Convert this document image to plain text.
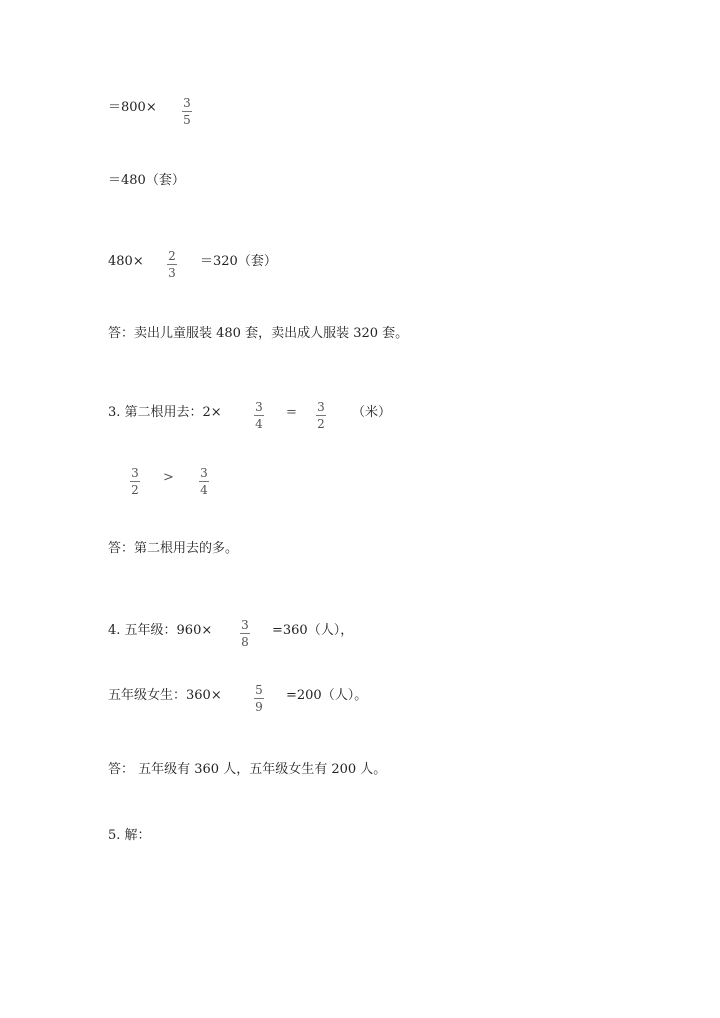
＝800× 3
5
＝480（套）
480× 2
3
＝320（套）
答：卖出儿童服装 480 套，卖出成人服装 320 套。
3. 第二根用去：2×	3
4
= 3
2
（米）
3
2
> 3
4
答：第二根用去的多。
4. 五年级：960× 3
8
=360（人），
五年级女生：360×	5
9
=200（人）。
答： 五年级有 360 人，五年级女生有 200 人。
5. 解：
